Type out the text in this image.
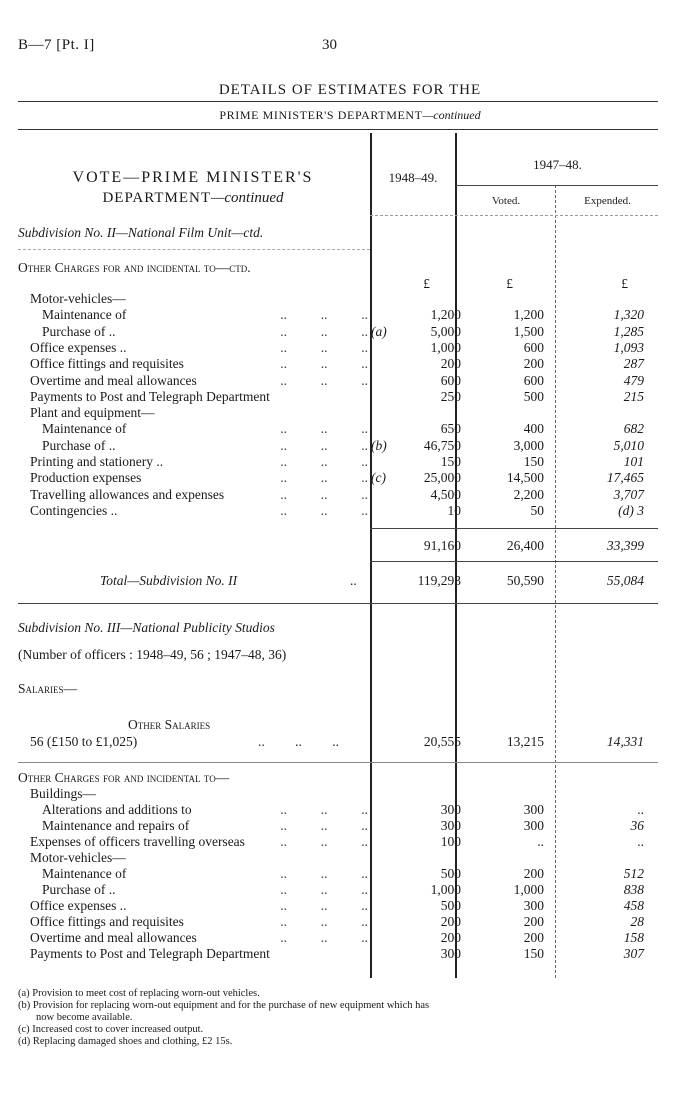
B—7 [Pt. I]	30
DETAILS OF ESTIMATES FOR THE
PRIME MINISTER'S DEPARTMENT—continued
VOTE—PRIME MINISTER'S
DEPARTMENT—continued
1948–49.
1947–48.
Voted.	Expended.
Subdivision No. II—National Film Unit—ctd.
Other Charges for and incidental to—ctd.
£	£	£
Motor-vehicles—
..          ..          ..
Maintenance of	1,200	1,200	1,320
..          ..          ..
Purchase of ..	(a)	5,000	1,500	1,285
..          ..          ..
Office expenses ..	1,000	600	1,093
..          ..          ..
Office fittings and requisites	200	200	287
..          ..          ..
Overtime and meal allowances	600	600	479
Payments to Post and Telegraph Department	250	500	215
Plant and equipment—
..          ..          ..
Maintenance of	650	400	682
..          ..          ..
Purchase of ..	(b)	46,750	3,000	5,010
..          ..          ..
Printing and stationery ..	150	150	101
..          ..          ..
Production expenses	(c)	25,000	14,500	17,465
..          ..          ..
Travelling allowances and expenses	4,500	2,200	3,707
..          ..          ..
Contingencies ..	10	50	(d) 3
91,160	26,400	33,399
Total—Subdivision No. II	..	119,293	50,590	55,084
Subdivision No. III—National Publicity Studios
(Number of officers : 1948–49, 56 ; 1947–48, 36)
Salaries—
Other Salaries
56 (£150 to £1,025)	..         ..         ..	20,555	13,215	14,331
Other Charges for and incidental to—
Buildings—
..          ..          ..
Alterations and additions to	300	300	..
..          ..          ..
Maintenance and repairs of	300	300	36
..          ..          ..
Expenses of officers travelling overseas	100	..	..
Motor-vehicles—
..          ..          ..
Maintenance of	500	200	512
..          ..          ..
Purchase of ..	1,000	1,000	838
..          ..          ..
Office expenses ..	500	300	458
..          ..          ..
Office fittings and requisites	200	200	28
..          ..          ..
Overtime and meal allowances	200	200	158
Payments to Post and Telegraph Department	300	150	307
(a) Provision to meet cost of replacing worn-out vehicles.
(b) Provision for replacing worn-out equipment and for the purchase of new equipment which has
now become available.
(c) Increased cost to cover increased output.
(d) Replacing damaged shoes and clothing, £2 15s.
